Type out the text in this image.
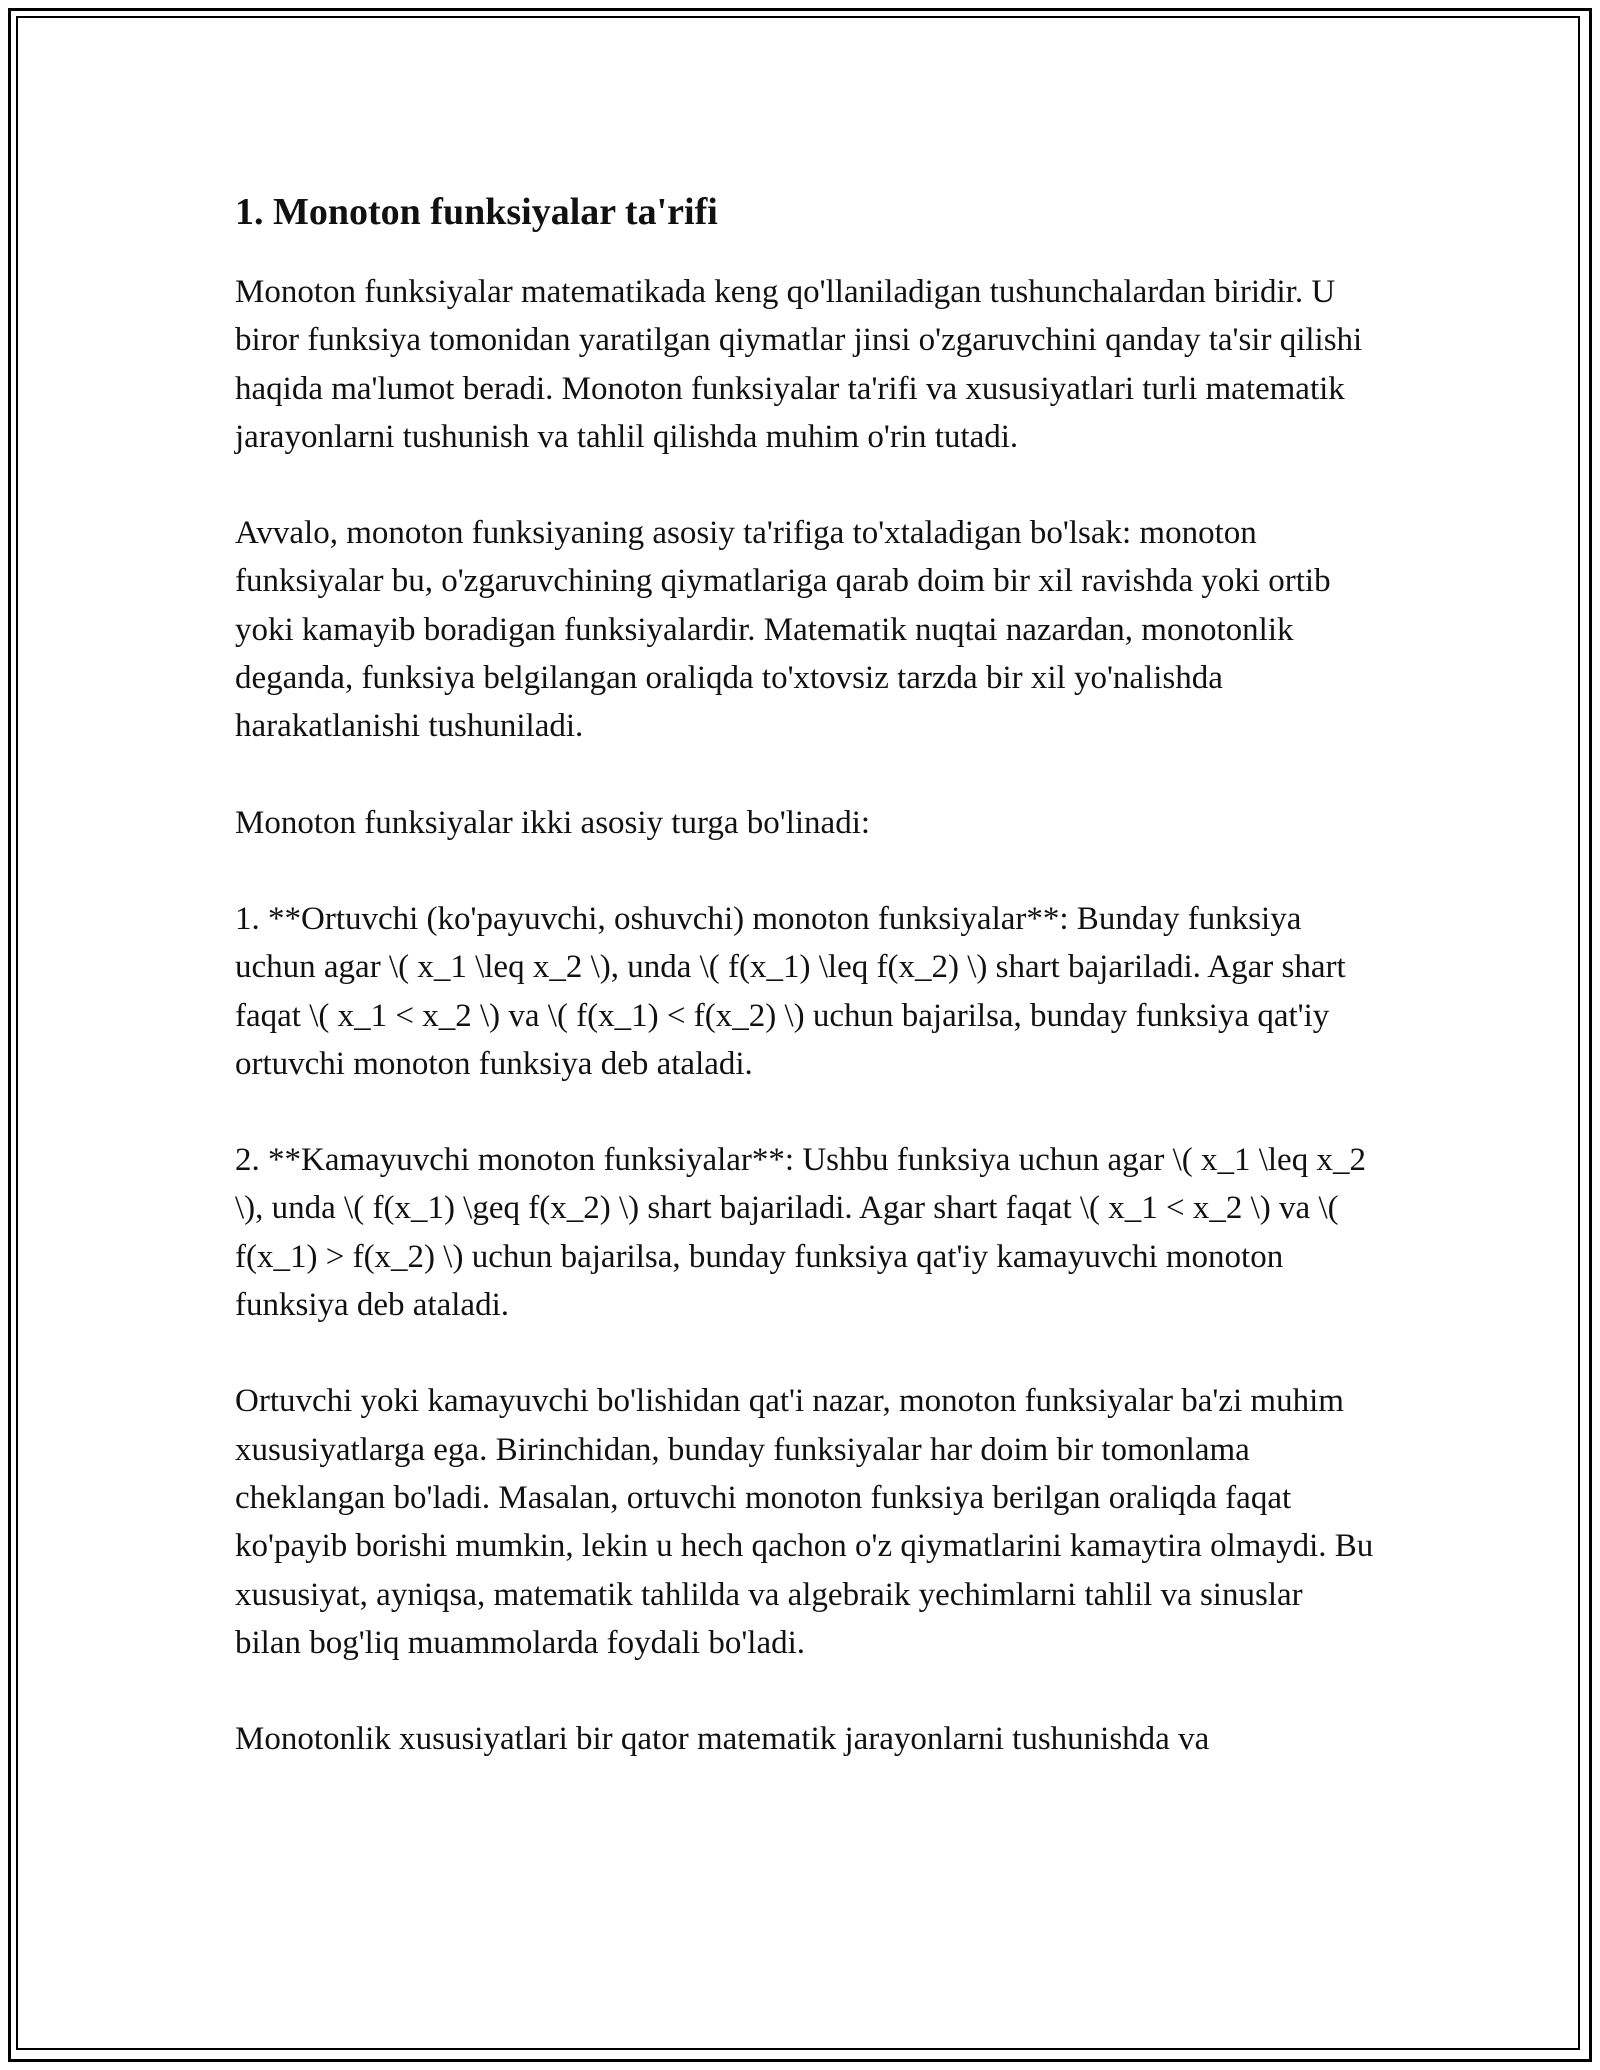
1. Monoton funksiyalar ta'rifi

Monoton funksiyalar matematikada keng qo'llaniladigan tushunchalardan biridir. U biror funksiya tomonidan yaratilgan qiymatlar jinsi o'zgaruvchini qanday ta'sir qilishi haqida ma'lumot beradi. Monoton funksiyalar ta'rifi va xususiyatlari turli matematik jarayonlarni tushunish va tahlil qilishda muhim o'rin tutadi.

Avvalo, monoton funksiyaning asosiy ta'rifiga to'xtaladigan bo'lsak: monoton funksiyalar bu, o'zgaruvchining qiymatlariga qarab doim bir xil ravishda yoki ortib yoki kamayib boradigan funksiyalardir. Matematik nuqtai nazardan, monotonlik deganda, funksiya belgilangan oraliqda to'xtovsiz tarzda bir xil yo'nalishda harakatlanishi tushuniladi.

Monoton funksiyalar ikki asosiy turga bo'linadi:

1. **Ortuvchi (ko'payuvchi, oshuvchi) monoton funksiyalar**: Bunday funksiya uchun agar \( x_1 \leq x_2 \), unda \( f(x_1) \leq f(x_2) \) shart bajariladi. Agar shart faqat \( x_1 < x_2 \) va \( f(x_1) < f(x_2) \) uchun bajarilsa, bunday funksiya qat'iy ortuvchi monoton funksiya deb ataladi.

2. **Kamayuvchi monoton funksiyalar**: Ushbu funksiya uchun agar \( x_1 \leq x_2 \), unda \( f(x_1) \geq f(x_2) \) shart bajariladi. Agar shart faqat \( x_1 < x_2 \) va \( f(x_1) > f(x_2) \) uchun bajarilsa, bunday funksiya qat'iy kamayuvchi monoton funksiya deb ataladi.

Ortuvchi yoki kamayuvchi bo'lishidan qat'i nazar, monoton funksiyalar ba'zi muhim xususiyatlarga ega. Birinchidan, bunday funksiyalar har doim bir tomonlama cheklangan bo'ladi. Masalan, ortuvchi monoton funksiya berilgan oraliqda faqat ko'payib borishi mumkin, lekin u hech qachon o'z qiymatlarini kamaytira olmaydi. Bu xususiyat, ayniqsa, matematik tahlilda va algebraik yechimlarni tahlil va sinuslar bilan bog'liq muammolarda foydali bo'ladi.

Monotonlik xususiyatlari bir qator matematik jarayonlarni tushunishda va
